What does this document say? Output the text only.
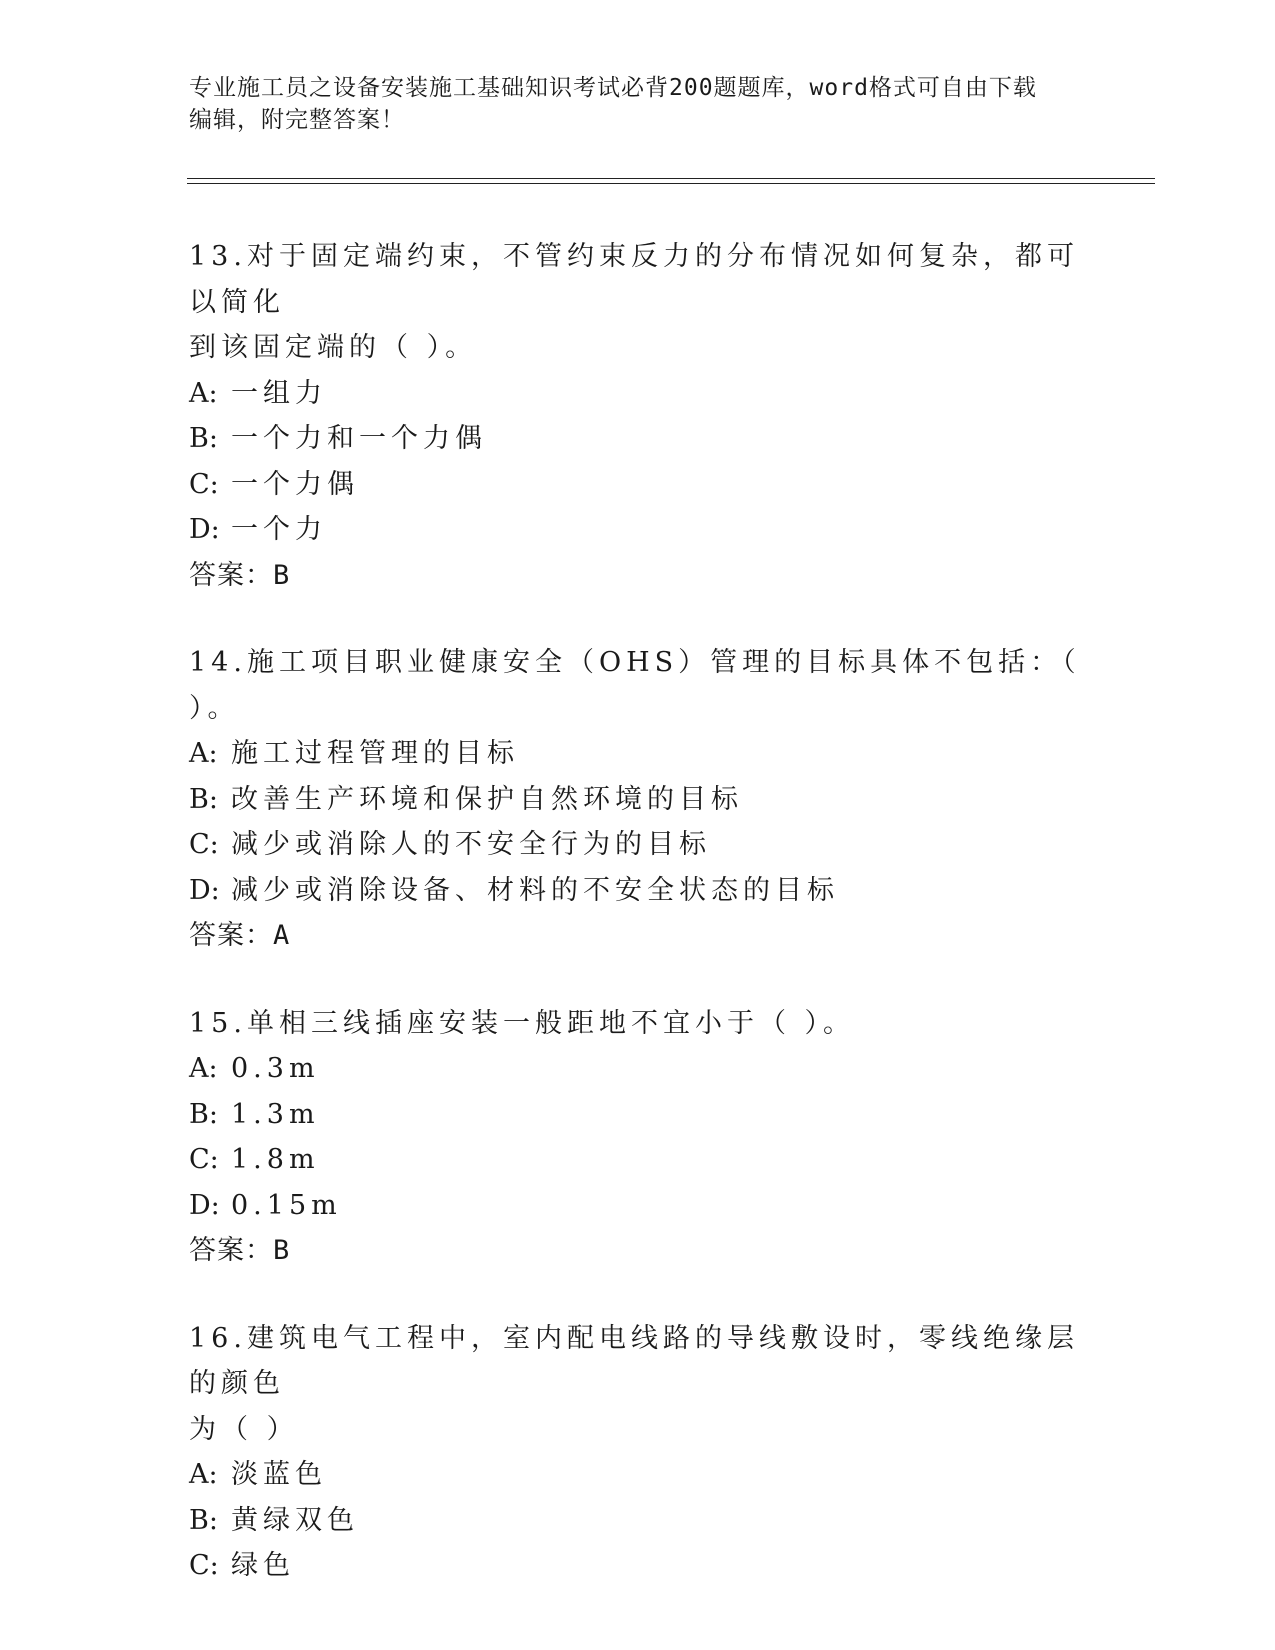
专业施工员之设备安装施工基础知识考试必背200题题库，word格式可自由下载
编辑，附完整答案！
13.对于固定端约束，不管约束反力的分布情况如何复杂，都可以简化
到该固定端的（ ）。
A: 一组力
B: 一个力和一个力偶
C: 一个力偶
D: 一个力
答案：B
14.施工项目职业健康安全（OHS）管理的目标具体不包括：（ ）。
A: 施工过程管理的目标
B: 改善生产环境和保护自然环境的目标
C: 减少或消除人的不安全行为的目标
D: 减少或消除设备、材料的不安全状态的目标
答案：A
15.单相三线插座安装一般距地不宜小于（ ）。
A: 0.3m
B: 1.3m
C: 1.8m
D: 0.15m
答案：B
16.建筑电气工程中，室内配电线路的导线敷设时，零线绝缘层的颜色
为（ ）
A: 淡蓝色
B: 黄绿双色
C: 绿色
